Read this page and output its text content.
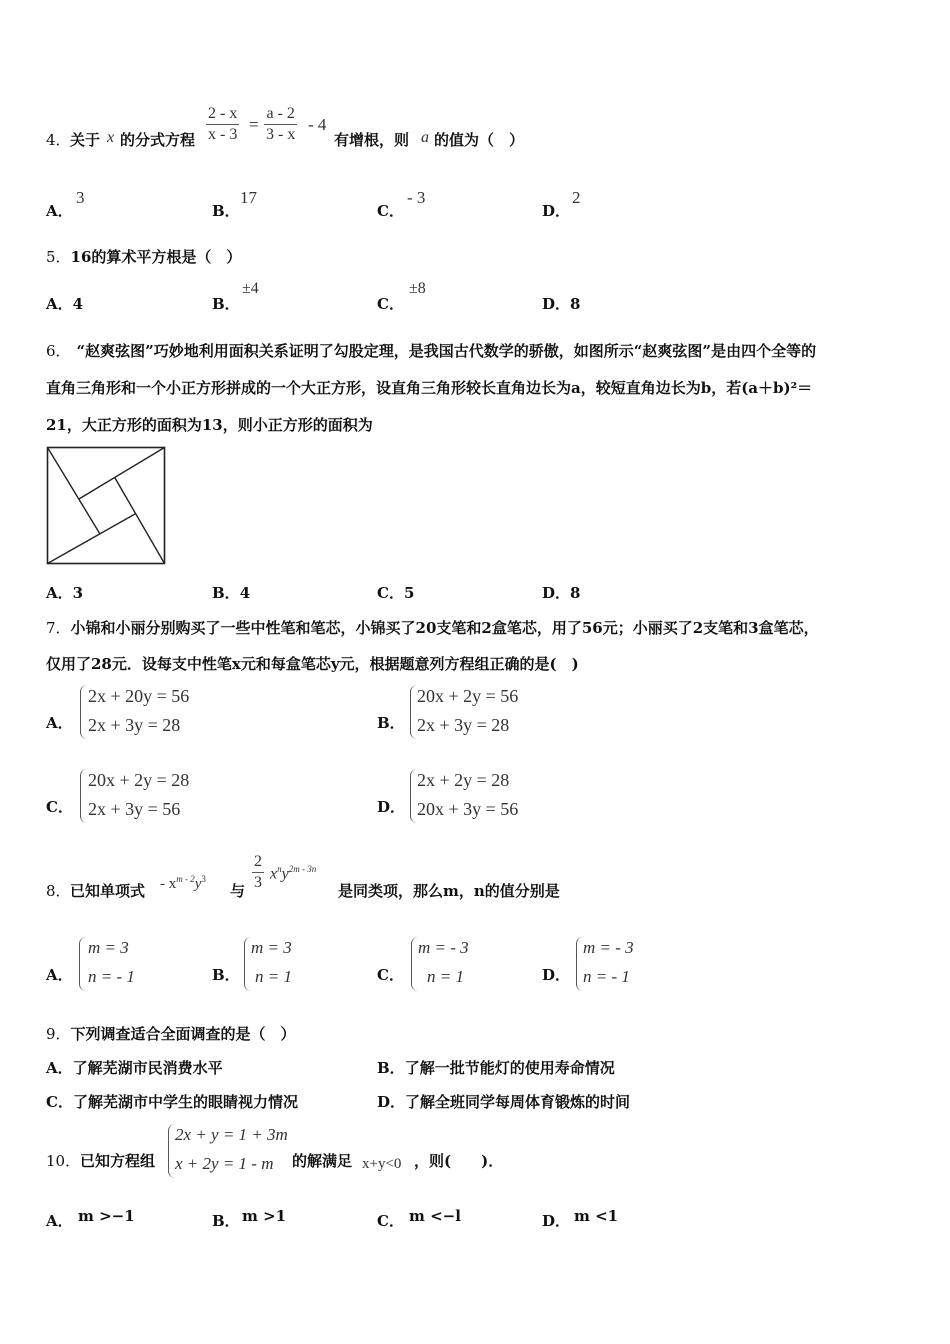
4． 关于 x 的分式方程 $\frac{2 - x}{x - 3} = \frac{a - 2}{3 - x} - 4$
有增根，则 a 的值为（　）
A．
3
B．
17
C．
- 3
D．
2
5．16的算术平方根是（　）
A．4	B．
±4
C．
±8
D．8
6． “赵爽弦图”巧妙地利用面积关系证明了勾股定理，是我国古代数学的骄傲，如图所示“赵爽弦图”是由四个全等的
直角三角形和一个小正方形拼成的一个大正方形，设直角三角形较长直角边长为a，较短直角边长为b，若(a＋b)²＝
21，大正方形的面积为13，则小正方形的面积为
A．3	B．4	C．5	D．8
7．小锦和小丽分别购买了一些中性笔和笔芯，小锦买了20支笔和2盒笔芯，用了56元；小丽买了2支笔和3盒笔芯，
仅用了28元．设每支中性笔x元和每盒笔芯y元，根据题意列方程组正确的是(　)
A．
2x + 20y = 56
2x + 3y = 28	B．
20x + 2y = 56
2x + 3y = 28
C．
20x + 2y = 28
2x + 3y = 56	D．
2x + 2y = 28
20x + 3y = 56
8． 已知单项式 - $x^{m - 2}y^3$
与 $\frac{2}{3} x^ny^{2m - 3n}$
是同类项，那么m，n的值分别是
A．
m = 3
n = - 1	B．
m = 3
n = 1	C．
m = - 3
n = 1	D．
m = - 3
n = - 1
9．下列调查适合全面调查的是（　）
A．了解芜湖市民消费水平	B．了解一批节能灯的使用寿命情况
C．了解芜湖市中学生的眼睛视力情况	D．了解全班同学每周体育锻炼的时间
10． 已知方程组
2x + y = 1 + 3m
x + 2y = 1 - m 的解满足 x+y<0 ，则(　　)．
A． m >−1	B． m >1	C． m <−l	D． m <1
